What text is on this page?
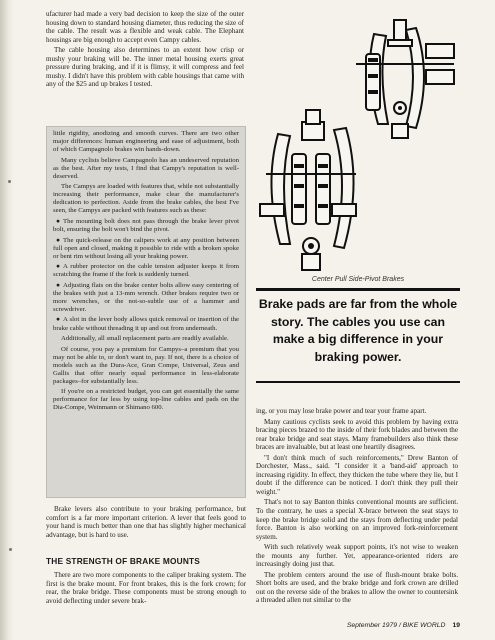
ufacturer had made a very bad decision to keep the size of the outer housing down to standard housing diameter, thus reducing the size of the cable. The result was a flexible and weak cable. The Elephant housings are big enough to accept even Campy cables.

The cable housing also determines to an extent how crisp or mushy your braking will be. The inner metal housing exerts great pressure during braking, and if it is flimsy, it will compress and feel mushy. I didn't have this problem with cable housings that came with any of the $25 and up brakes I tested.

little rigidity, anodizing and smooth curves. There are two other major differences: human engineering and ease of adjustment, both of which Campagnolo brakes win hands-down.

Many cyclists believe Campagnolo has an undeserved reputation as the best. After my tests, I find that Campy's reputation is well-deserved.

The Campys are loaded with features that, while not substantially increasing their performance, make clear the manufacturer's dedication to perfection. Aside from the brake cables, the best I've seen, the Campys are packed with features such as these:

● The mounting bolt does not pass through the brake lever pivot bolt, ensuring the bolt won't bind the pivot.

● The quick-release on the calipers work at any position between full open and closed, making it possible to ride with a broken spoke or bent rim without losing all your braking power.

● A rubber protector on the cable tension adjuster keeps it from scratching the frame if the fork is suddenly turned.

● Adjusting flats on the brake center bolts allow easy centering of the brakes with just a 13-mm wrench. Other brakes require two or more wrenches, or the not-so-subtle use of a hammer and screwdriver.

● A slot in the lever body allows quick removal or insertion of the brake cable without threading it up and out from underneath.

Additionally, all small replacement parts are readily available.

Of course, you pay a premium for Campys–a premium that you may not be able to, or don't want to, pay. If not, there is a choice of models such as the Dura-Ace, Gran Compe, Universal, Zeus and Gallis that offer nearly equal performance in less-elaborate packages–for substantially less.

If you're on a restricted budget, you can get essentially the same performance for far less by using top-line cables and pads on the Dia-Compe, Weinmann or Shimano 600.

Brake levers also contribute to your braking performance, but comfort is a far more important criterion. A lever that feels good to your hand is much better than one that has slightly higher mechanical advantage, but is hard to use.

THE STRENGTH OF BRAKE MOUNTS

There are two more components to the caliper braking system. The first is the brake mount. For front brakes, this is the fork crown; for rear, the brake bridge. These components must be strong enough to avoid deflecting under severe brak-

Center Pull Side-Pivot Brakes
Brake pads are far from the whole story. The cables you use can make a big difference in your braking power.

ing, or you may lose brake power and tear your frame apart.

Many cautious cyclists seek to avoid this problem by having extra bracing pieces brazed to the inside of their fork blades and between the rear brake bridge and seat stays. Many framebuilders also think these braces are invaluable, but at least one heartily disagrees.

"I don't think much of such reinforcements," Drew Banton of Dorchester, Mass., said. "I consider it a 'band-aid' approach to increasing rigidity. In effect, they thicken the tube where they lie, but I doubt if the difference can be noticed. I don't think they pull their weight."

That's not to say Banton thinks conventional mounts are sufficient. To the contrary, he uses a special X-brace between the seat stays to keep the brake bridge solid and the stays from deflecting under pedal force. Banton is also working on an improved fork-reinforcement system.

With such relatively weak support points, it's not wise to weaken the mounts any further. Yet, appearance-oriented riders are increasingly doing just that.

The problem centers around the use of flush-mount brake bolts. Short bolts are used, and the brake bridge and fork crown are drilled out on the reverse side of the brakes to allow the owner to countersink a threaded allen nut similar to the

September 1979 / BIKE WORLD 19
